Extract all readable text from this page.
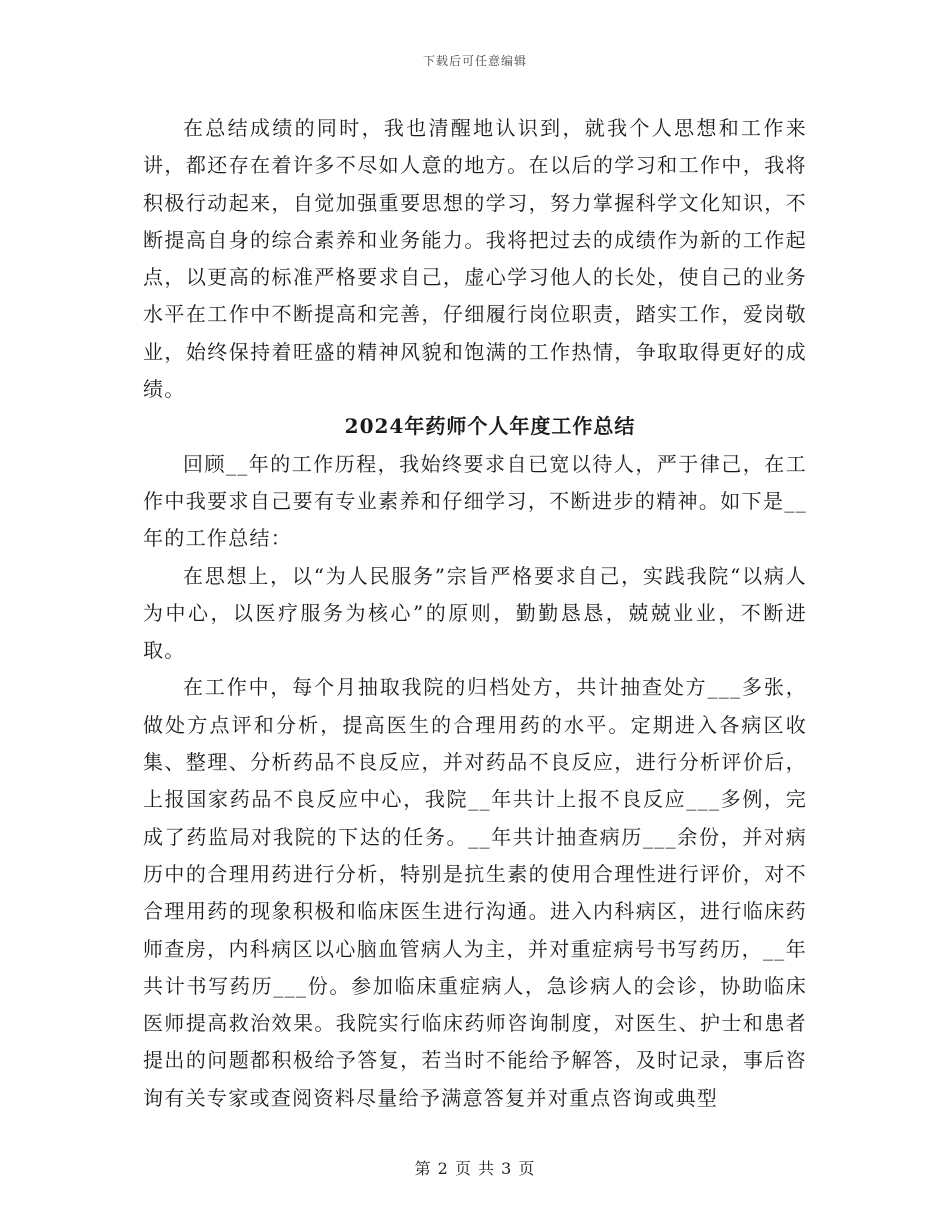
下载后可任意编辑

在总结成绩的同时，我也清醒地认识到，就我个人思想和工作来讲，都还存在着许多不尽如人意的地方。在以后的学习和工作中，我将积极行动起来，自觉加强重要思想的学习，努力掌握科学文化知识，不断提高自身的综合素养和业务能力。我将把过去的成绩作为新的工作起点，以更高的标准严格要求自己，虚心学习他人的长处，使自己的业务水平在工作中不断提高和完善，仔细履行岗位职责，踏实工作，爱岗敬业，始终保持着旺盛的精神风貌和饱满的工作热情，争取取得更好的成绩。

2024年药师个人年度工作总结

回顾__年的工作历程，我始终要求自已宽以待人，严于律己，在工作中我要求自己要有专业素养和仔细学习，不断进步的精神。如下是__年的工作总结：

在思想上，以“为人民服务”宗旨严格要求自己，实践我院“以病人为中心，以医疗服务为核心”的原则，勤勤恳恳，兢兢业业，不断进取。

在工作中，每个月抽取我院的归档处方，共计抽查处方___多张，做处方点评和分析，提高医生的合理用药的水平。定期进入各病区收集、整理、分析药品不良反应，并对药品不良反应，进行分析评价后，上报国家药品不良反应中心，我院__年共计上报不良反应___多例，完成了药监局对我院的下达的任务。__年共计抽查病历___余份，并对病历中的合理用药进行分析，特别是抗生素的使用合理性进行评价，对不合理用药的现象积极和临床医生进行沟通。进入内科病区，进行临床药师查房，内科病区以心脑血管病人为主，并对重症病号书写药历，__年共计书写药历___份。参加临床重症病人，急诊病人的会诊，协助临床医师提高救治效果。我院实行临床药师咨询制度，对医生、护士和患者提出的问题都积极给予答复，若当时不能给予解答，及时记录，事后咨询有关专家或查阅资料尽量给予满意答复并对重点咨询或典型

第 2 页 共 3 页
